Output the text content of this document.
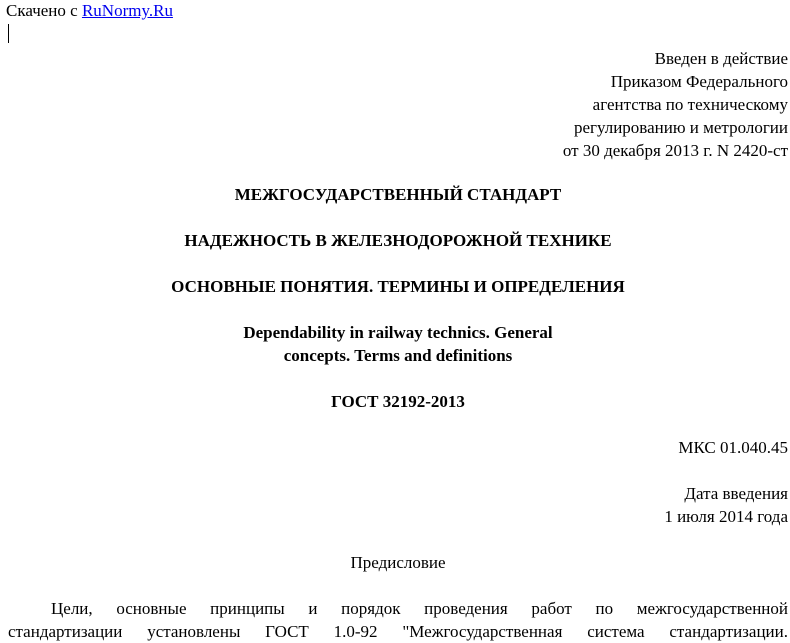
Скачено с RuNormy.Ru
Введен в действие
Приказом Федерального
агентства по техническому
регулированию и метрологии
от 30 декабря 2013 г. N 2420-ст
МЕЖГОСУДАРСТВЕННЫЙ СТАНДАРТ
НАДЕЖНОСТЬ В ЖЕЛЕЗНОДОРОЖНОЙ ТЕХНИКЕ
ОСНОВНЫЕ ПОНЯТИЯ. ТЕРМИНЫ И ОПРЕДЕЛЕНИЯ
Dependability in railway technics. General
concepts. Terms and definitions
ГОСТ 32192-2013
МКС 01.040.45
Дата введения
1 июля 2014 года
Предисловие
Цели, основные принципы и порядок проведения работ по межгосударственной
стандартизации установлены ГОСТ 1.0-92 "Межгосударственная система стандартизации.
